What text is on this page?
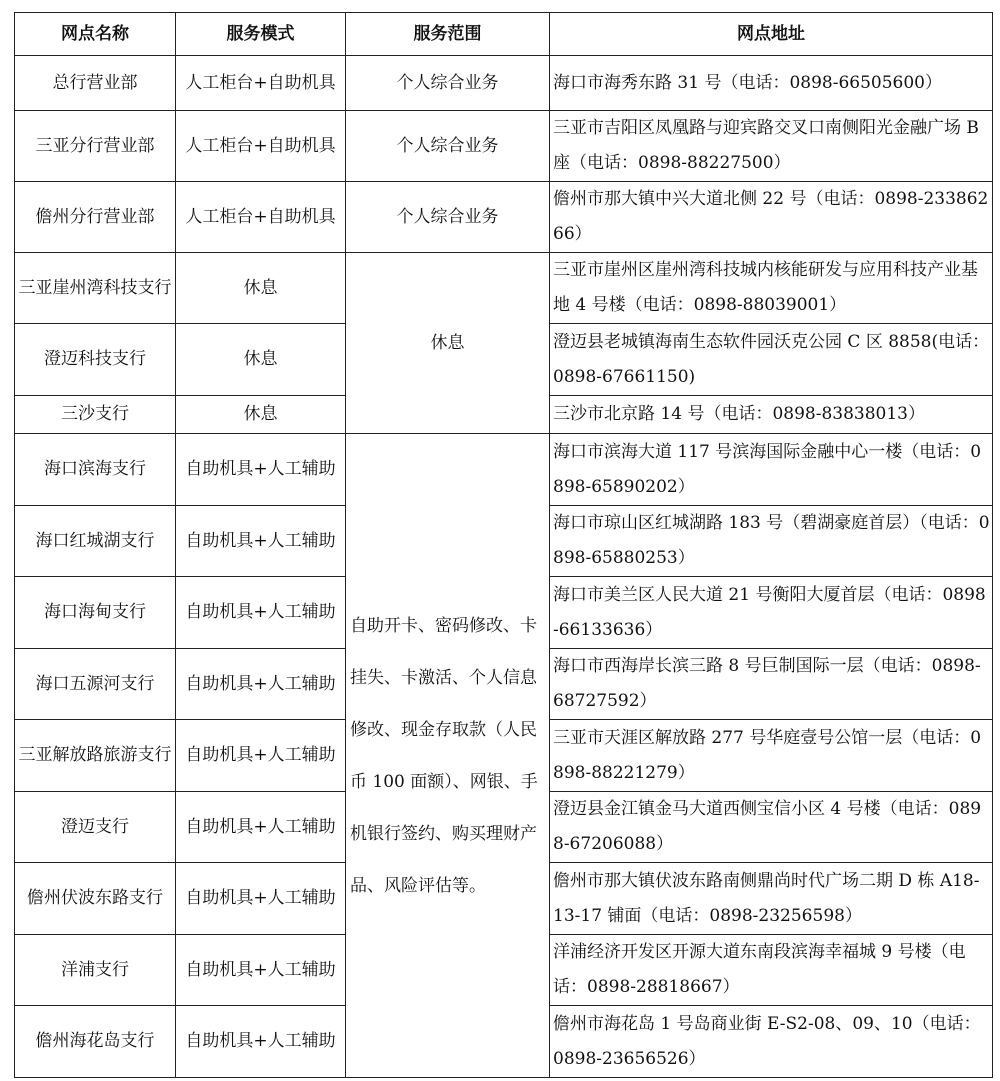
网点名称	服务模式	服务范围	网点地址
总行营业部	人工柜台+自助机具	个人综合业务	海口市海秀东路 31 号（电话：0898-66505600）
三亚分行营业部	人工柜台+自助机具	个人综合业务	三亚市吉阳区凤凰路与迎宾路交叉口南侧阳光金融广场 B 座（电话：0898-88227500）
儋州分行营业部	人工柜台+自助机具	个人综合业务	儋州市那大镇中兴大道北侧 22 号（电话：0898-23386266）
三亚崖州湾科技支行	休息	休息	三亚市崖州区崖州湾科技城内核能研发与应用科技产业基地 4 号楼（电话：0898-88039001）
澄迈科技支行	休息		澄迈县老城镇海南生态软件园沃克公园 C 区 8858(电话：0898-67661150)
三沙支行	休息		三沙市北京路 14 号（电话：0898-83838013）
海口滨海支行	自助机具+人工辅助	自助开卡、密码修改、卡挂失、卡激活、个人信息修改、现金存取款（人民币 100 面额）、网银、手机银行签约、购买理财产品、风险评估等。	海口市滨海大道 117 号滨海国际金融中心一楼（电话：0898-65890202）
海口红城湖支行	自助机具+人工辅助		海口市琼山区红城湖路 183 号（碧湖豪庭首层）（电话：0898-65880253）
海口海甸支行	自助机具+人工辅助		海口市美兰区人民大道 21 号衡阳大厦首层（电话：0898-66133636）
海口五源河支行	自助机具+人工辅助		海口市西海岸长滨三路 8 号巨制国际一层（电话：0898-68727592）
三亚解放路旅游支行	自助机具+人工辅助		三亚市天涯区解放路 277 号华庭壹号公馆一层（电话：0898-88221279）
澄迈支行	自助机具+人工辅助		澄迈县金江镇金马大道西侧宝信小区 4 号楼（电话：0898-67206088）
儋州伏波东路支行	自助机具+人工辅助		儋州市那大镇伏波东路南侧鼎尚时代广场二期 D 栋 A18-13-17 铺面（电话：0898-23256598）
洋浦支行	自助机具+人工辅助		洋浦经济开发区开源大道东南段滨海幸福城 9 号楼（电话：0898-28818667）
儋州海花岛支行	自助机具+人工辅助		儋州市海花岛 1 号岛商业街 E-S2-08、09、10（电话：0898-23656526）
